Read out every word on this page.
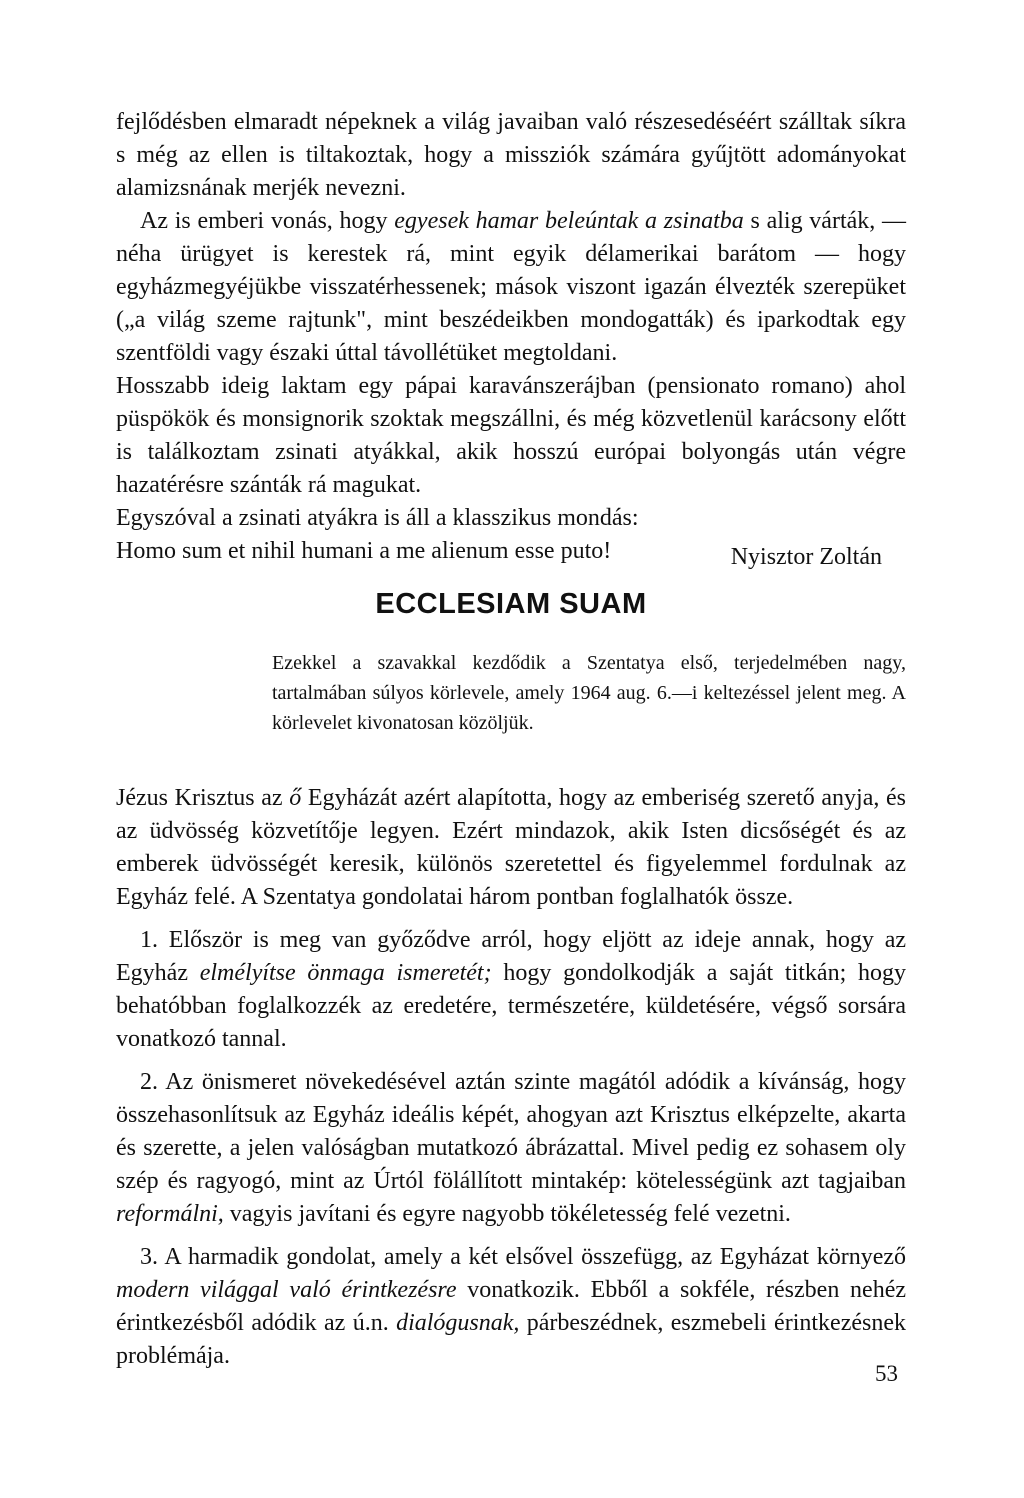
fejlődésben elmaradt népeknek a világ javaiban való részesedéséért szálltak síkra s még az ellen is tiltakoztak, hogy a missziók számára gyűjtött adományokat alamizsnának merjék nevezni.

Az is emberi vonás, hogy egyesek hamar beleúntak a zsinatba s alig várták, — néha ürügyet is kerestek rá, mint egyik délamerikai barátom — hogy egyházmegyéjükbe visszatérhessenek; mások viszont igazán élvezték szerepüket („a világ szeme rajtunk", mint beszédeikben mondogatták) és iparkodtak egy szentföldi vagy északi úttal távollétüket megtoldani.

Hosszabb ideig laktam egy pápai karavánszerájban (pensionato romano) ahol püspökök és monsignorik szoktak megszállni, és még közvetlenül karácsony előtt is találkoztam zsinati atyákkal, akik hosszú európai bolyongás után végre hazatérésre szánták rá magukat.

Egyszóval a zsinati atyákra is áll a klasszikus mondás: Homo sum et nihil humani a me alienum esse puto!	Nyisztor Zoltán
ECCLESIAM SUAM

Ezekkel a szavakkal kezdődik a Szentatya első, terjedelmében nagy, tartalmában súlyos körlevele, amely 1964 aug. 6.—i keltezéssel jelent meg. A körlevelet kivonatosan közöljük.

Jézus Krisztus az ő Egyházát azért alapította, hogy az emberiség szerető anyja, és az üdvösség közvetítője legyen. Ezért mindazok, akik Isten dicsőségét és az emberek üdvösségét keresik, különös szeretettel és figyelemmel fordulnak az Egyház felé. A Szentatya gondolatai három pontban foglalhatók össze.

1. Először is meg van győződve arról, hogy eljött az ideje annak, hogy az Egyház elmélyítse önmaga ismeretét; hogy gondolkodják a saját titkán; hogy behatóbban foglalkozzék az eredetére, természetére, küldetésére, végső sorsára vonatkozó tannal.

2. Az önismeret növekedésével aztán szinte magától adódik a kívánság, hogy összehasonlítsuk az Egyház ideális képét, ahogyan azt Krisztus elképzelte, akarta és szerette, a jelen valóságban mutatkozó ábrázattal. Mivel pedig ez sohasem oly szép és ragyogó, mint az Úrtól fölállított mintakép: kötelességünk azt tagjaiban reformálni, vagyis javítani és egyre nagyobb tökéletesség felé vezetni.

3. A harmadik gondolat, amely a két elsővel összefügg, az Egyházat környező modern világgal való érintkezésre vonatkozik. Ebből a sokféle, részben nehéz érintkezésből adódik az ú.n. dialógusnak, párbeszédnek, eszmebeli érintkezésnek problémája.

53
